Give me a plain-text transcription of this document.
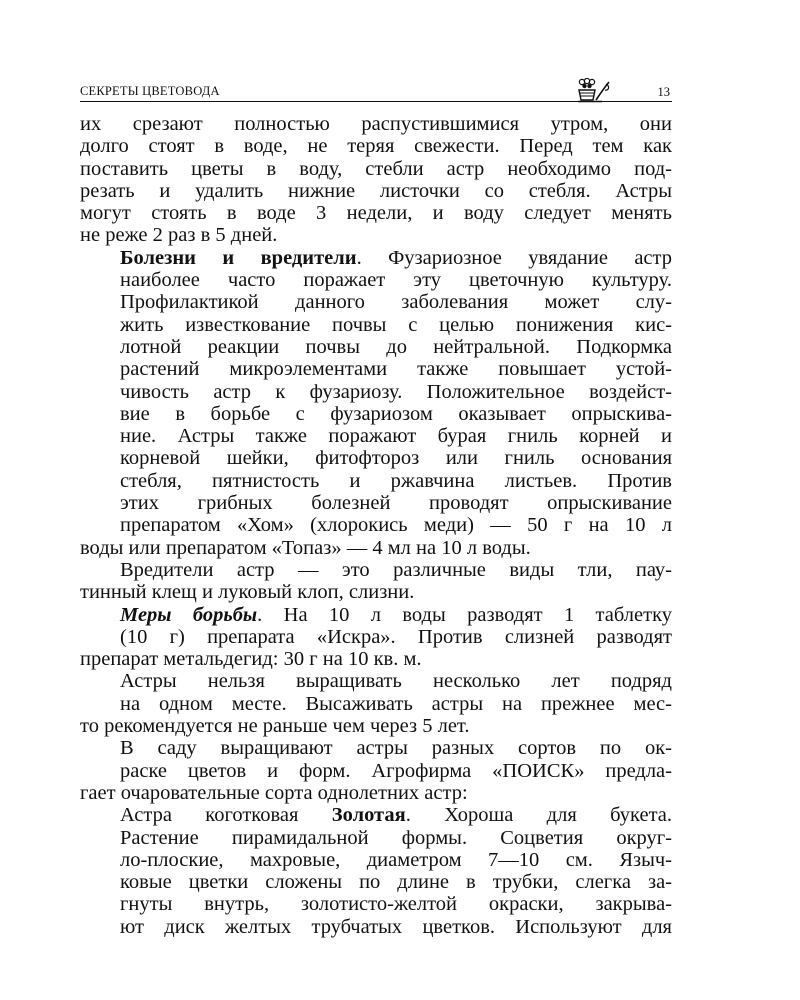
СЕКРЕТЫ ЦВЕТОВОДА	13

их срезают полностью распустившимися утром, они
долго стоят в воде, не теряя свежести. Перед тем как
поставить цветы в воду, стебли астр необходимо под-
резать и удалить нижние листочки со стебля. Астры
могут стоять в воде 3 недели, и воду следует менять

не реже 2 раз в 5 дней.

Болезни и вредители. Фузариозное увядание астр
наиболее часто поражает эту цветочную культуру.
Профилактикой данного заболевания может слу-
жить известкование почвы с целью понижения кис-
лотной реакции почвы до нейтральной. Подкормка
растений микроэлементами также повышает устой-
чивость астр к фузариозу. Положительное воздейст-
вие в борьбе с фузариозом оказывает опрыскива-
ние. Астры также поражают бурая гниль корней и
корневой шейки, фитофтороз или гниль основания
стебля, пятнистость и ржавчина листьев. Против
этих грибных болезней проводят опрыскивание
препаратом «Хом» (хлорокись меди) — 50 г на 10 л

воды или препаратом «Топаз» — 4 мл на 10 л воды.

Вредители астр — это различные виды тли, пау-

тинный клещ и луковый клоп, слизни.

Меры борьбы. На 10 л воды разводят 1 таблетку
(10 г) препарата «Искра». Против слизней разводят

препарат метальдегид: 30 г на 10 кв. м.

Астры нельзя выращивать несколько лет подряд
на одном месте. Высаживать астры на прежнее мес-

то рекомендуется не раньше чем через 5 лет.

В саду выращивают астры разных сортов по ок-
раске цветов и форм. Агрофирма «ПОИСК» предла-

гает очаровательные сорта однолетних астр:

Астра коготковая Золотая. Хороша для букета.
Растение пирамидальной формы. Соцветия округ-
ло-плоские, махровые, диаметром 7—10 см. Языч-
ковые цветки сложены по длине в трубки, слегка за-
гнуты внутрь, золотисто-желтой окраски, закрыва-
ют диск желтых трубчатых цветков. Используют для
